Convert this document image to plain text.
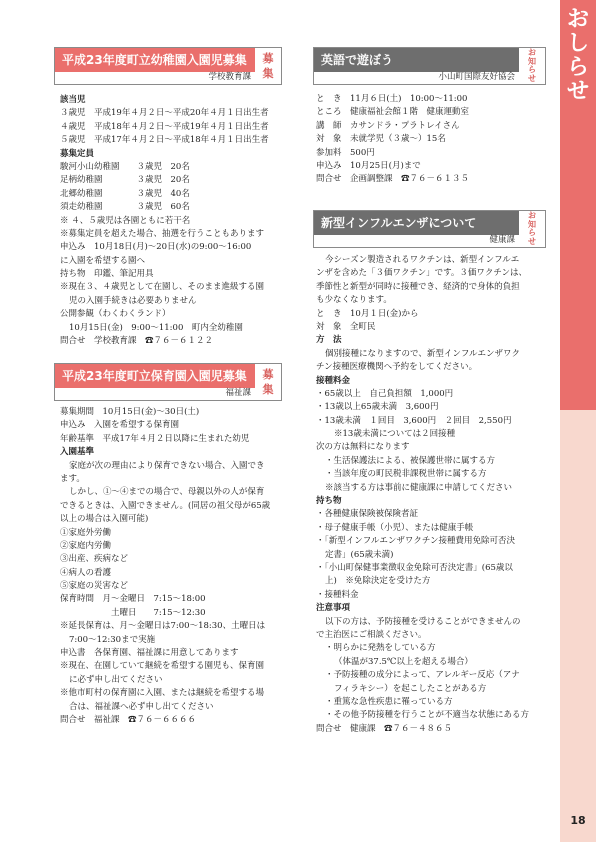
お
し
ら
せ
18
平成23年度町立幼稚園入園児募集
学校教育課
募
集
該当児
３歳児　平成19年４月２日～平成20年４月１日出生者
４歳児　平成18年４月２日～平成19年４月１日出生者
５歳児　平成17年４月２日～平成18年４月１日出生者
募集定員
駿河小山幼稚園　　３歳児　20名
足柄幼稚園　　　　３歳児　20名
北郷幼稚園　　　　３歳児　40名
須走幼稚園　　　　３歳児　60名
※ ４、５歳児は各園ともに若干名
※募集定員を超えた場合、抽選を行うこともあります
申込み　10月18日(月)～20日(水)の9:00～16:00
に入園を希望する園へ
持ち物　印鑑、筆記用具
※現在３、４歳児として在園し、そのまま進級する園
児の入園手続きは必要ありません
公開参観（わくわくランド）
10月15日(金)　9:00～11:00　町内全幼稚園
問合せ　学校教育課　☎７６－６１２２
平成23年度町立保育園入園児募集
福祉課
募
集
募集期間　10月15日(金)～30日(土)
申込み　入園を希望する保育園
年齢基準　平成17年４月２日以降に生まれた幼児
入園基準
家庭が次の理由により保育できない場合、入園でき
ます。
しかし、①～④までの場合で、母親以外の人が保育
できるときは、入園できません。(同居の祖父母が65歳
以上の場合は入園可能)
①家庭外労働
②家庭内労働
③出産、疾病など
④病人の看護
⑤家庭の災害など
保育時間　月～金曜日　7:15～18:00
　　　　　　土曜日　　7:15～12:30
※延長保育は、月～金曜日は7:00～18:30、土曜日は
7:00～12:30まで実施
申込書　各保育園、福祉課に用意してあります
※現在、在園していて継続を希望する園児も、保育園
に必ず申し出てください
※他市町村の保育園に入園、または継続を希望する場
合は、福祉課へ必ず申し出てください
問合せ　福祉課　☎７６－６６６６
英語で遊ぼう
小山町国際友好協会
お
知
ら
せ
と　き　11月６日(土)　10:00～11:00
ところ　健康福祉会館１階　健康運動室
講　師　カサンドラ・プラトレイさん
対　象　未就学児（３歳～）15名
参加料　500円
申込み　10月25日(月)まで
問合せ　企画調整課　☎７６－６１３５
新型インフルエンザについて
健康課
お
知
ら
せ
今シーズン製造されるワクチンは、新型インフルエ
ンザを含めた「３価ワクチン」です。３価ワクチンは、
季節性と新型が同時に接種でき、経済的で身体的負担
も少なくなります。
と　き　10月１日(金)から
対　象　全町民
方　法
個別接種になりますので、新型インフルエンザワク
チン接種医療機関へ予約をしてください。
接種料金
・65歳以上　自己負担額　1,000円
・13歳以上65歳未満　3,600円
・13歳未満　１回目　3,600円　２回目　2,550円
※13歳未満については２回接種
次の方は無料になります
・生活保護法による、被保護世帯に属する方
・当該年度の町民税非課税世帯に属する方
※該当する方は事前に健康課に申請してください
持ち物
・各種健康保険被保険者証
・母子健康手帳（小児）、または健康手帳
・「新型インフルエンザワクチン接種費用免除可否決
定書」(65歳未満)
・「小山町保健事業徴収金免除可否決定書」(65歳以
上)　※免除決定を受けた方
・接種料金
注意事項
以下の方は、予防接種を受けることができませんの
で主治医にご相談ください。
・明らかに発熱をしている方
（体温が37.5℃以上を超える場合）
・予防接種の成分によって、アレルギー反応（アナ
フィラキシー）を起こしたことがある方
・重篤な急性疾患に罹っている方
・その他予防接種を行うことが不適当な状態にある方
問合せ　健康課　☎７６－４８６５
